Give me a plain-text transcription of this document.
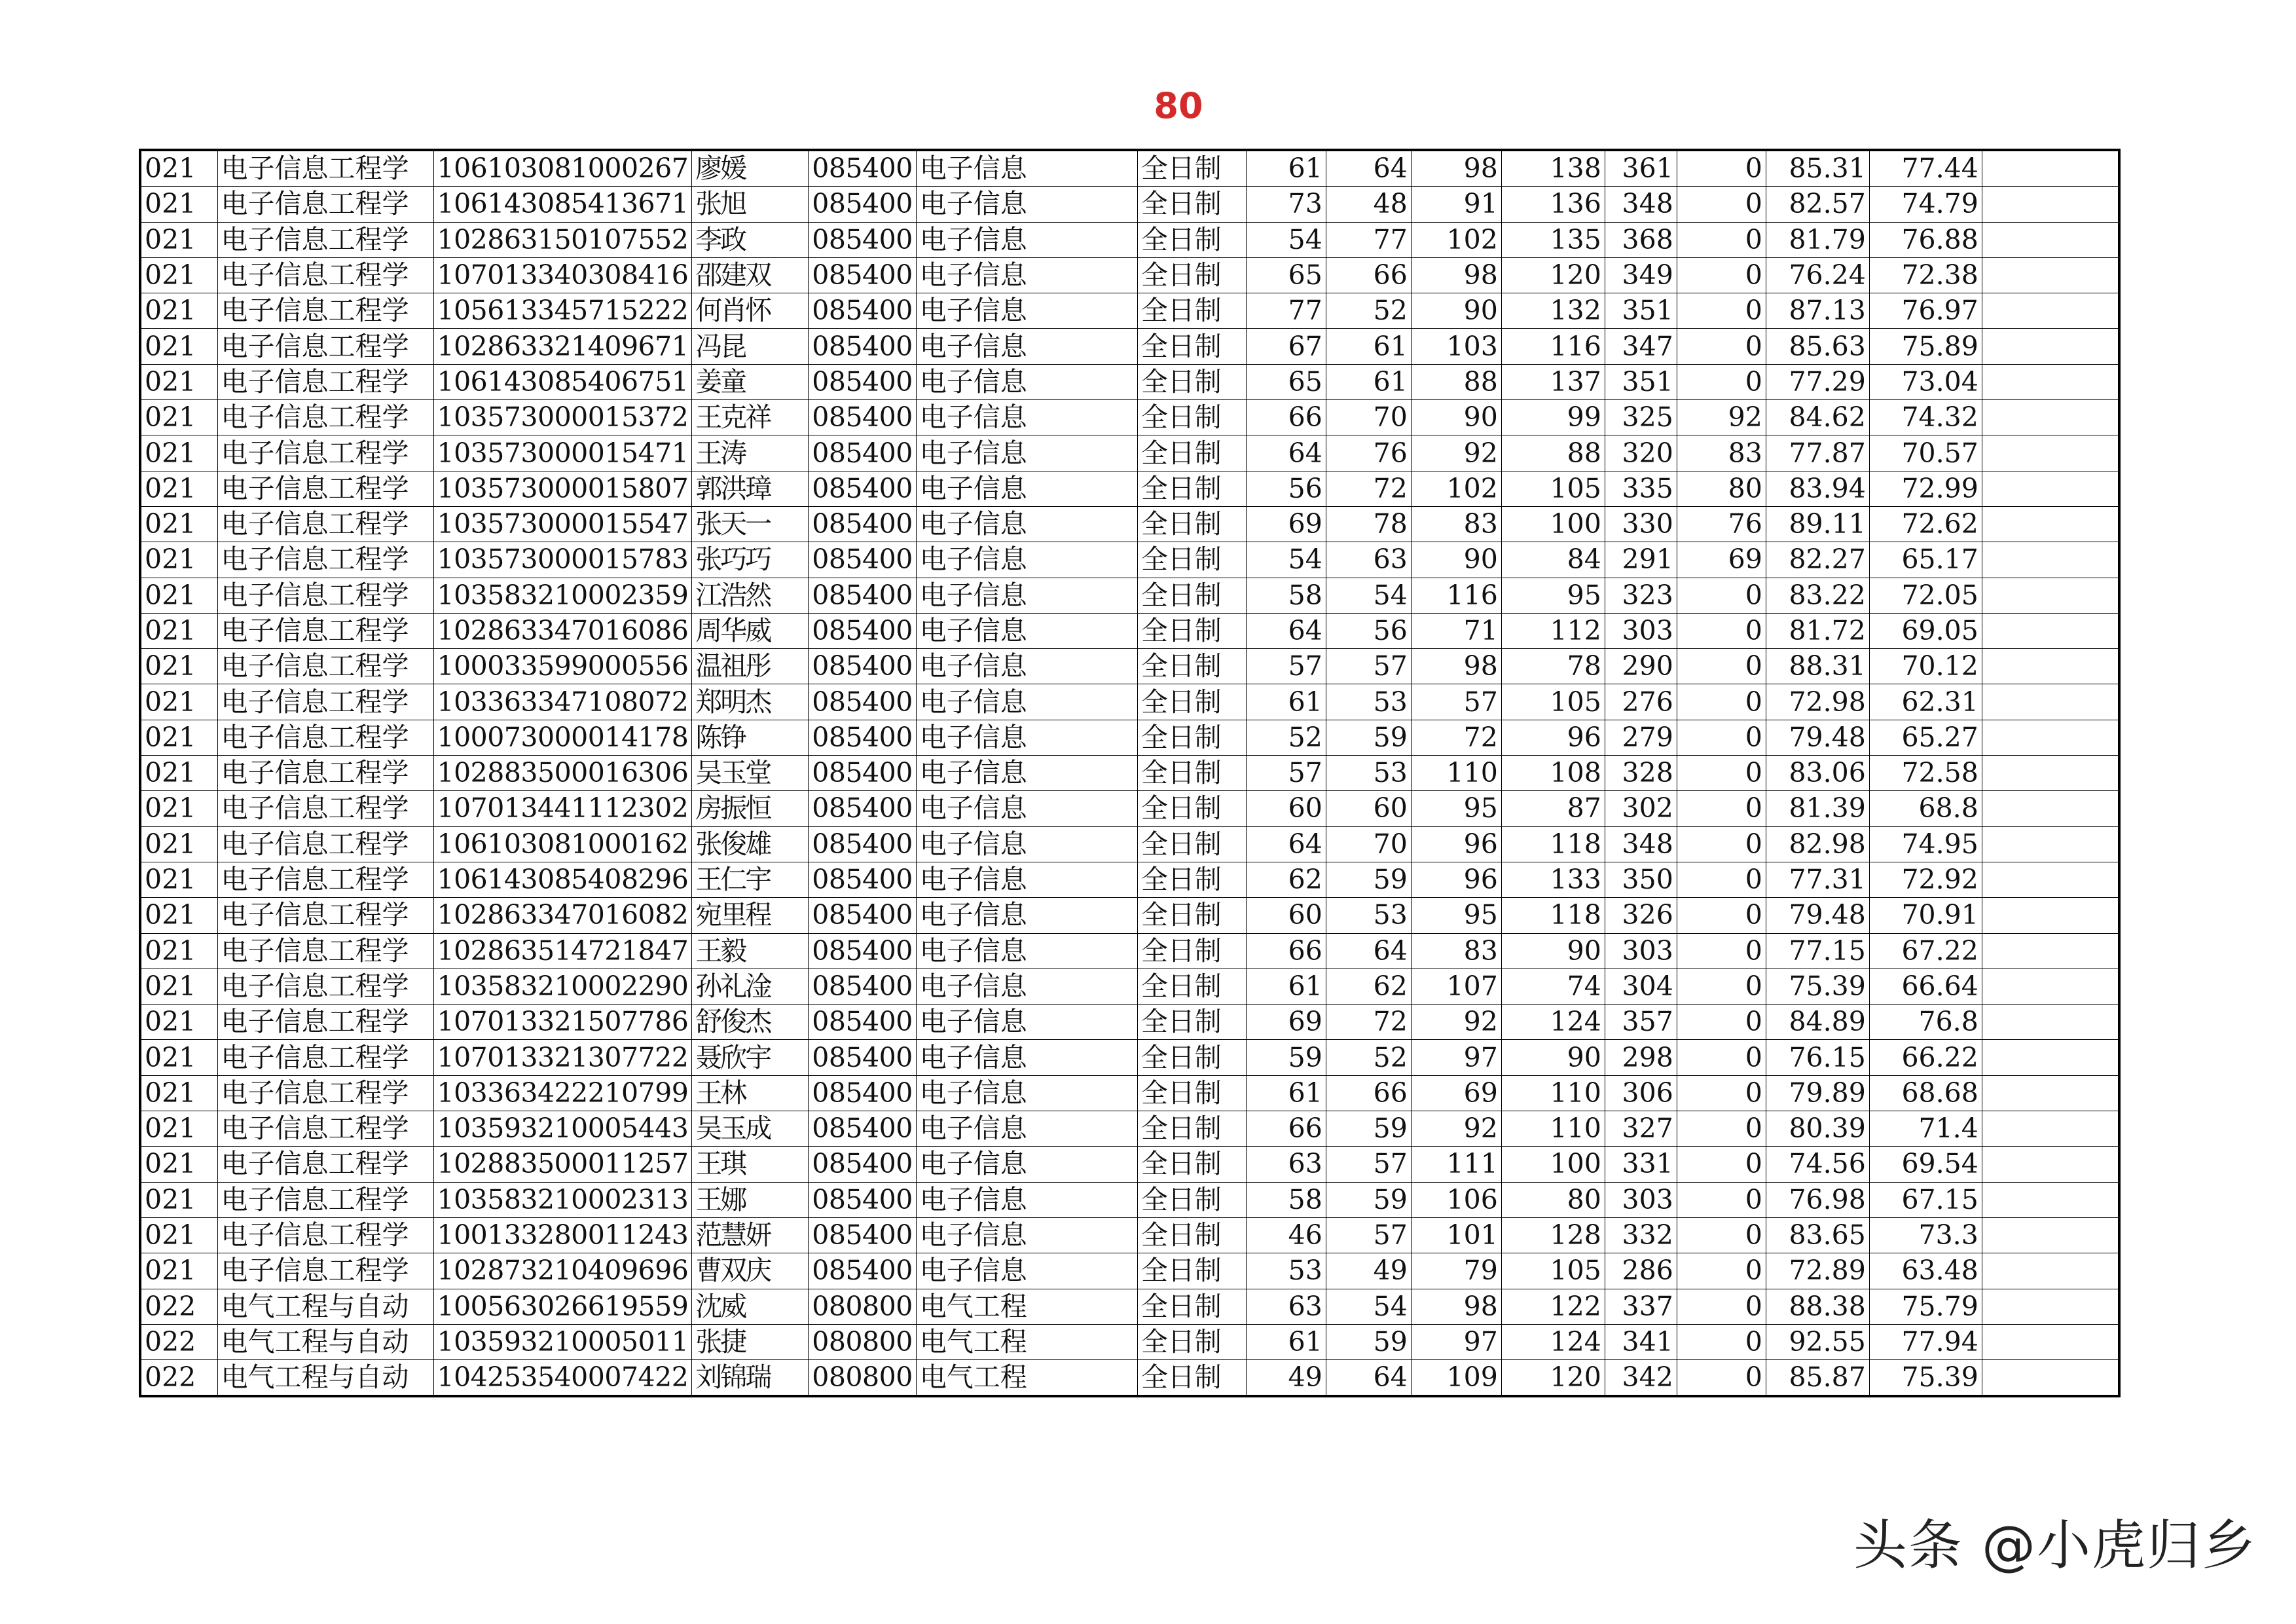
80
021	电子信息工程学	106103081000267	廖媛	085400	电子信息	全日制	61	64	98	138	361	0	85.31	77.44	
021	电子信息工程学	106143085413671	张旭	085400	电子信息	全日制	73	48	91	136	348	0	82.57	74.79	
021	电子信息工程学	102863150107552	李政	085400	电子信息	全日制	54	77	102	135	368	0	81.79	76.88	
021	电子信息工程学	107013340308416	邵建双	085400	电子信息	全日制	65	66	98	120	349	0	76.24	72.38	
021	电子信息工程学	105613345715222	何肖怀	085400	电子信息	全日制	77	52	90	132	351	0	87.13	76.97	
021	电子信息工程学	102863321409671	冯昆	085400	电子信息	全日制	67	61	103	116	347	0	85.63	75.89	
021	电子信息工程学	106143085406751	姜童	085400	电子信息	全日制	65	61	88	137	351	0	77.29	73.04	
021	电子信息工程学	103573000015372	王克祥	085400	电子信息	全日制	66	70	90	99	325	92	84.62	74.32	
021	电子信息工程学	103573000015471	王涛	085400	电子信息	全日制	64	76	92	88	320	83	77.87	70.57	
021	电子信息工程学	103573000015807	郭洪璋	085400	电子信息	全日制	56	72	102	105	335	80	83.94	72.99	
021	电子信息工程学	103573000015547	张天一	085400	电子信息	全日制	69	78	83	100	330	76	89.11	72.62	
021	电子信息工程学	103573000015783	张巧巧	085400	电子信息	全日制	54	63	90	84	291	69	82.27	65.17	
021	电子信息工程学	103583210002359	江浩然	085400	电子信息	全日制	58	54	116	95	323	0	83.22	72.05	
021	电子信息工程学	102863347016086	周华威	085400	电子信息	全日制	64	56	71	112	303	0	81.72	69.05	
021	电子信息工程学	100033599000556	温祖彤	085400	电子信息	全日制	57	57	98	78	290	0	88.31	70.12	
021	电子信息工程学	103363347108072	郑明杰	085400	电子信息	全日制	61	53	57	105	276	0	72.98	62.31	
021	电子信息工程学	100073000014178	陈铮	085400	电子信息	全日制	52	59	72	96	279	0	79.48	65.27	
021	电子信息工程学	102883500016306	吴玉堂	085400	电子信息	全日制	57	53	110	108	328	0	83.06	72.58	
021	电子信息工程学	107013441112302	房振恒	085400	电子信息	全日制	60	60	95	87	302	0	81.39	68.8	
021	电子信息工程学	106103081000162	张俊雄	085400	电子信息	全日制	64	70	96	118	348	0	82.98	74.95	
021	电子信息工程学	106143085408296	王仁宇	085400	电子信息	全日制	62	59	96	133	350	0	77.31	72.92	
021	电子信息工程学	102863347016082	宛里程	085400	电子信息	全日制	60	53	95	118	326	0	79.48	70.91	
021	电子信息工程学	102863514721847	王毅	085400	电子信息	全日制	66	64	83	90	303	0	77.15	67.22	
021	电子信息工程学	103583210002290	孙礼淦	085400	电子信息	全日制	61	62	107	74	304	0	75.39	66.64	
021	电子信息工程学	107013321507786	舒俊杰	085400	电子信息	全日制	69	72	92	124	357	0	84.89	76.8	
021	电子信息工程学	107013321307722	聂欣宇	085400	电子信息	全日制	59	52	97	90	298	0	76.15	66.22	
021	电子信息工程学	103363422210799	王林	085400	电子信息	全日制	61	66	69	110	306	0	79.89	68.68	
021	电子信息工程学	103593210005443	吴玉成	085400	电子信息	全日制	66	59	92	110	327	0	80.39	71.4	
021	电子信息工程学	102883500011257	王琪	085400	电子信息	全日制	63	57	111	100	331	0	74.56	69.54	
021	电子信息工程学	103583210002313	王娜	085400	电子信息	全日制	58	59	106	80	303	0	76.98	67.15	
021	电子信息工程学	100133280011243	范慧妍	085400	电子信息	全日制	46	57	101	128	332	0	83.65	73.3	
021	电子信息工程学	102873210409696	曹双庆	085400	电子信息	全日制	53	49	79	105	286	0	72.89	63.48	
022	电气工程与自动	100563026619559	沈威	080800	电气工程	全日制	63	54	98	122	337	0	88.38	75.79	
022	电气工程与自动	103593210005011	张捷	080800	电气工程	全日制	61	59	97	124	341	0	92.55	77.94	
022	电气工程与自动	104253540007422	刘锦瑞	080800	电气工程	全日制	49	64	109	120	342	0	85.87	75.39	
头条 @小虎归乡
